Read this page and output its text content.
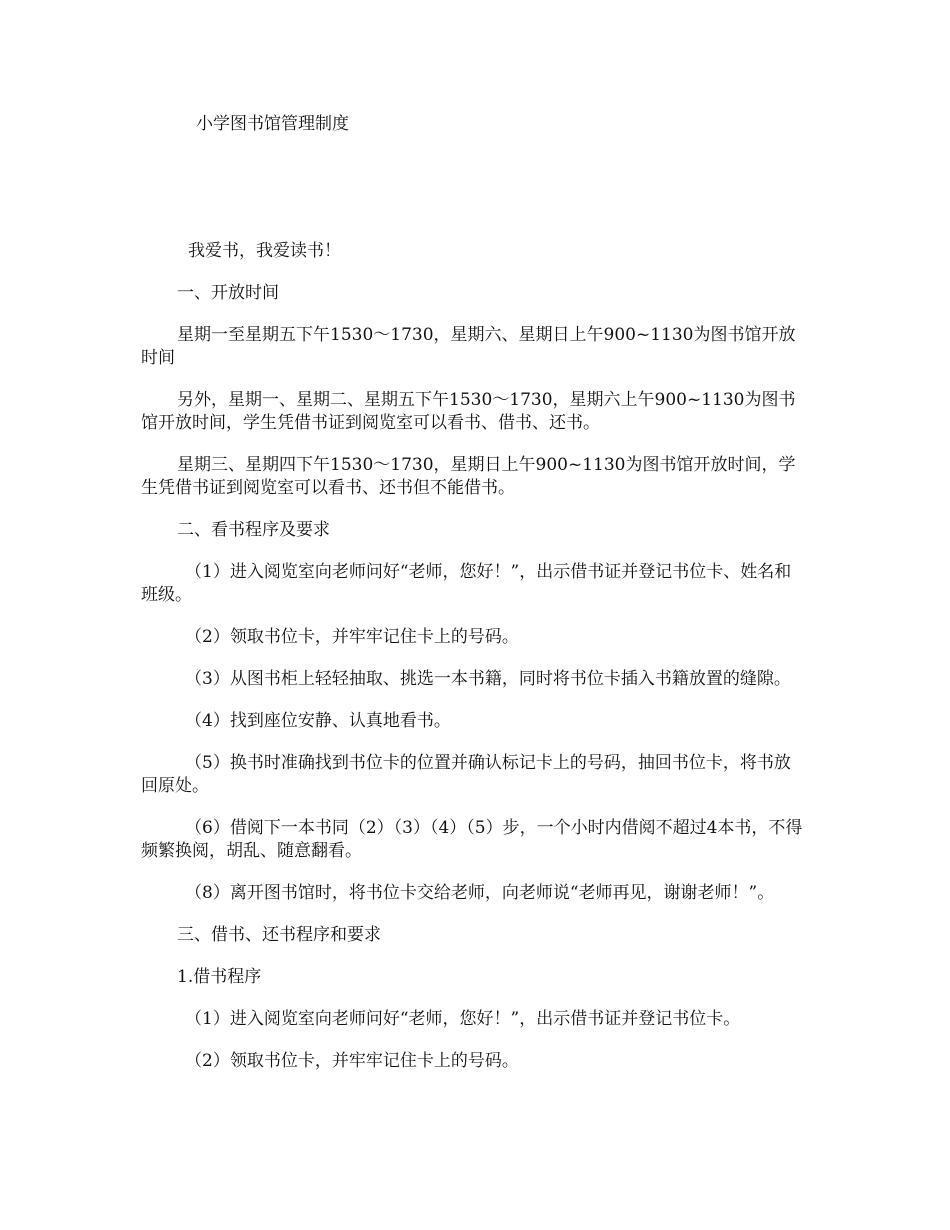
小学图书馆管理制度

我爱书，我爱读书！

一、开放时间

星期一至星期五下午1530～1730，星期六、星期日上午900~1130为图书馆开放时间

另外，星期一、星期二、星期五下午1530～1730，星期六上午900~1130为图书馆开放时间，学生凭借书证到阅览室可以看书、借书、还书。

星期三、星期四下午1530～1730，星期日上午900~1130为图书馆开放时间，学生凭借书证到阅览室可以看书、还书但不能借书。

二、看书程序及要求

（1）进入阅览室向老师问好“老师，您好！”，出示借书证并登记书位卡、姓名和班级。

（2）领取书位卡，并牢牢记住卡上的号码。

（3）从图书柜上轻轻抽取、挑选一本书籍，同时将书位卡插入书籍放置的缝隙。

（4）找到座位安静、认真地看书。

（5）换书时准确找到书位卡的位置并确认标记卡上的号码，抽回书位卡，将书放回原处。

（6）借阅下一本书同（2）（3）（4）（5）步，一个小时内借阅不超过4本书，不得频繁换阅，胡乱、随意翻看。

（8）离开图书馆时，将书位卡交给老师，向老师说“老师再见，谢谢老师！”。

三、借书、还书程序和要求

1.借书程序

（1）进入阅览室向老师问好“老师，您好！”，出示借书证并登记书位卡。

（2）领取书位卡，并牢牢记住卡上的号码。
